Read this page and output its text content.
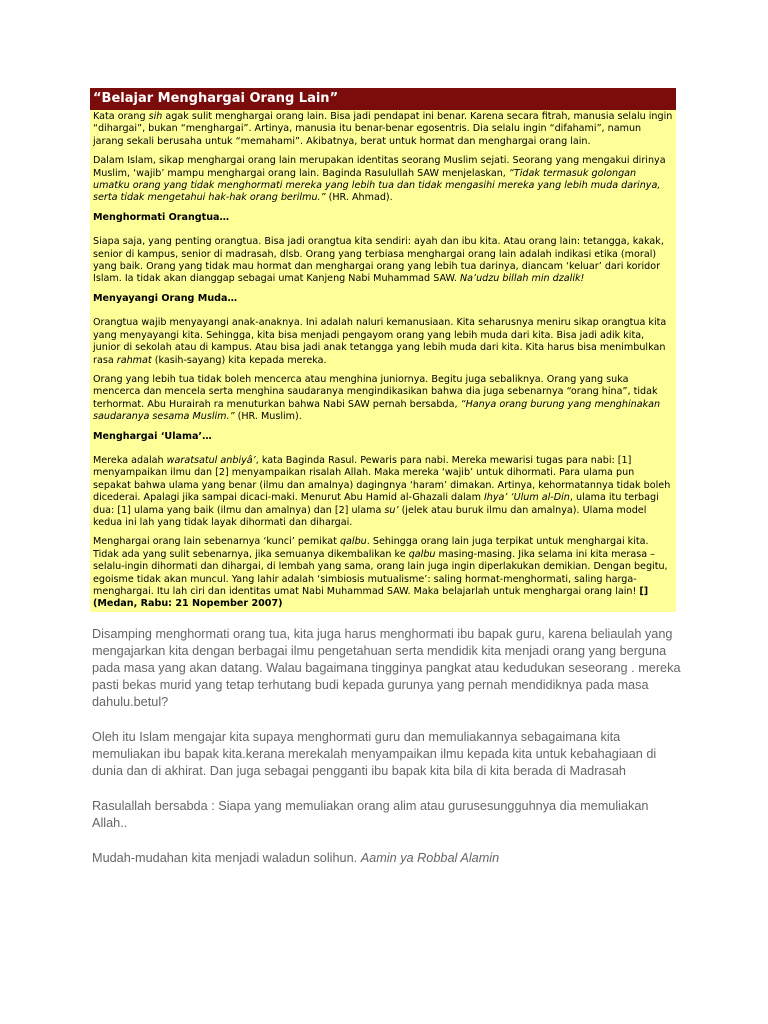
“Belajar Menghargai Orang Lain”

Kata orang sih agak sulit menghargai orang lain. Bisa jadi pendapat ini benar. Karena secara fitrah, manusia selalu ingin “dihargai”, bukan “menghargai”. Artinya, manusia itu benar-benar egosentris. Dia selalu ingin “difahami”, namun jarang sekali berusaha untuk “memahami”. Akibatnya, berat untuk hormat dan menghargai orang lain.

Dalam Islam, sikap menghargai orang lain merupakan identitas seorang Muslim sejati. Seorang yang mengakui dirinya Muslim, ‘wajib’ mampu menghargai orang lain. Baginda Rasulullah SAW menjelaskan, “Tidak termasuk golongan umatku orang yang tidak menghormati mereka yang lebih tua dan tidak mengasihi mereka yang lebih muda darinya, serta tidak mengetahui hak-hak orang berilmu.” (HR. Ahmad).

Menghormati Orangtua…

Siapa saja, yang penting orangtua. Bisa jadi orangtua kita sendiri: ayah dan ibu kita. Atau orang lain: tetangga, kakak, senior di kampus, senior di madrasah, dlsb. Orang yang terbiasa menghargai orang lain adalah indikasi etika (moral) yang baik. Orang yang tidak mau hormat dan menghargai orang yang lebih tua darinya, diancam ‘keluar’ dari koridor Islam. Ia tidak akan dianggap sebagai umat Kanjeng Nabi Muhammad SAW. Na’udzu billah min dzalik!

Menyayangi Orang Muda…

Orangtua wajib menyayangi anak-anaknya. Ini adalah naluri kemanusiaan. Kita seharusnya meniru sikap orangtua kita yang menyayangi kita. Sehingga, kita bisa menjadi pengayom orang yang lebih muda dari kita. Bisa jadi adik kita, junior di sekolah atau di kampus. Atau bisa jadi anak tetangga yang lebih muda dari kita. Kita harus bisa menimbulkan rasa rahmat (kasih-sayang) kita kepada mereka.

Orang yang lebih tua tidak boleh mencerca atau menghina juniornya. Begitu juga sebaliknya. Orang yang suka mencerca dan mencela serta menghina saudaranya mengindikasikan bahwa dia juga sebenarnya “orang hina”, tidak terhormat. Abu Hurairah ra menuturkan bahwa Nabi SAW pernah bersabda, “Hanya orang burung yang menghinakan saudaranya sesama Muslim.” (HR. Muslim).

Menghargai ‘Ulama’…

Mereka adalah waratsatul anbiyâ’, kata Baginda Rasul. Pewaris para nabi. Mereka mewarisi tugas para nabi: [1] menyampaikan ilmu dan [2] menyampaikan risalah Allah. Maka mereka ‘wajib’ untuk dihormati. Para ulama pun sepakat bahwa ulama yang benar (ilmu dan amalnya) dagingnya ‘haram’ dimakan. Artinya, kehormatannya tidak boleh dicederai. Apalagi jika sampai dicaci-maki. Menurut Abu Hamid al-Ghazali dalam Ihya’ ‘Ulum al-Din, ulama itu terbagi dua: [1] ulama yang baik (ilmu dan amalnya) dan [2] ulama su’ (jelek atau buruk ilmu dan amalnya). Ulama model kedua ini lah yang tidak layak dihormati dan dihargai.

Menghargai orang lain sebenarnya ‘kunci’ pemikat qalbu. Sehingga orang lain juga terpikat untuk menghargai kita. Tidak ada yang sulit sebenarnya, jika semuanya dikembalikan ke qalbu masing-masing. Jika selama ini kita merasa – selalu-ingin dihormati dan dihargai, di lembah yang sama, orang lain juga ingin diperlakukan demikian. Dengan begitu, egoisme tidak akan muncul. Yang lahir adalah ‘simbiosis mutualisme’: saling hormat-menghormati, saling harga-menghargai. Itu lah ciri dan identitas umat Nabi Muhammad SAW. Maka belajarlah untuk menghargai orang lain! [](Medan, Rabu: 21 Nopember 2007)

Disamping menghormati orang tua, kita juga harus menghormati ibu bapak guru, karena beliaulah yang mengajarkan kita dengan berbagai ilmu pengetahuan serta mendidik kita menjadi orang yang berguna pada masa yang akan datang. Walau bagaimana tingginya pangkat atau kedudukan seseorang . mereka pasti bekas murid yang tetap terhutang budi kepada gurunya yang pernah mendidiknya pada masa dahulu.betul?

Oleh itu Islam mengajar kita supaya menghormati guru dan memuliakannya sebagaimana kita memuliakan ibu bapak kita.kerana merekalah menyampaikan ilmu kepada kita untuk kebahagiaan di dunia dan di akhirat. Dan juga sebagai pengganti ibu bapak kita bila di kita berada di Madrasah

Rasulallah bersabda : Siapa yang memuliakan orang alim atau gurusesungguhnya dia memuliakan Allah..

Mudah-mudahan kita menjadi waladun solihun. Aamin ya Robbal Alamin
